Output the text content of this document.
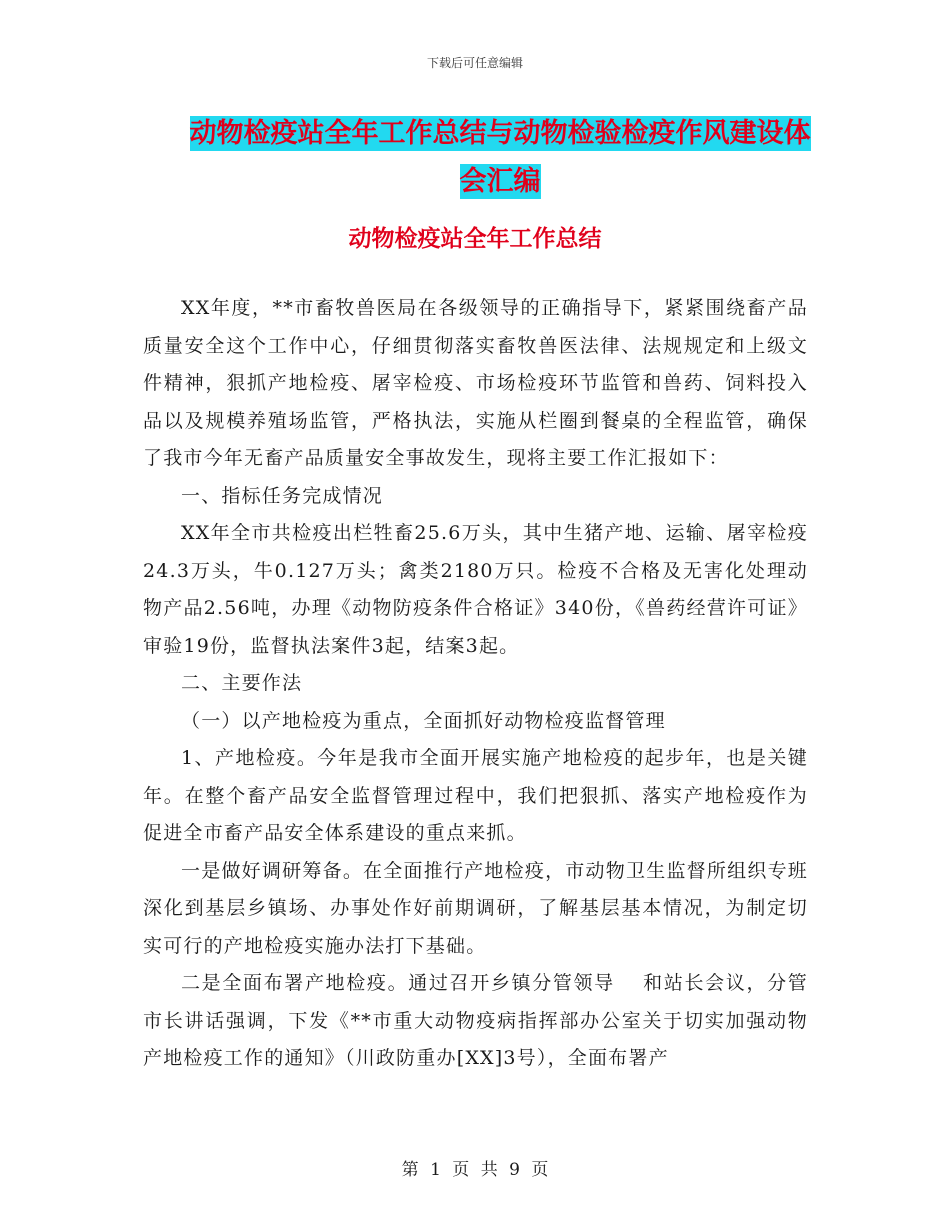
下载后可任意编辑
动物检疫站全年工作总结与动物检验检疫作风建设体
会汇编
动物检疫站全年工作总结

XX年度，**市畜牧兽医局在各级领导的正确指导下，紧紧围绕畜产品质量安全这个工作中心，仔细贯彻落实畜牧兽医法律、法规规定和上级文件精神，狠抓产地检疫、屠宰检疫、市场检疫环节监管和兽药、饲料投入品以及规模养殖场监管，严格执法，实施从栏圈到餐桌的全程监管，确保了我市今年无畜产品质量安全事故发生，现将主要工作汇报如下：

一、指标任务完成情况

XX年全市共检疫出栏牲畜25.6万头，其中生猪产地、运输、屠宰检疫24.3万头，牛0.127万头；禽类2180万只。检疫不合格及无害化处理动物产品2.56吨，办理《动物防疫条件合格证》340份，《兽药经营许可证》审验19份，监督执法案件3起，结案3起。

二、主要作法

（一）以产地检疫为重点，全面抓好动物检疫监督管理

1、产地检疫。今年是我市全面开展实施产地检疫的起步年，也是关键年。在整个畜产品安全监督管理过程中，我们把狠抓、落实产地检疫作为促进全市畜产品安全体系建设的重点来抓。

一是做好调研筹备。在全面推行产地检疫，市动物卫生监督所组织专班深化到基层乡镇场、办事处作好前期调研，了解基层基本情况，为制定切实可行的产地检疫实施办法打下基础。

二是全面布署产地检疫。通过召开乡镇分管领导　 和站长会议，分管市长讲话强调，下发《**市重大动物疫病指挥部办公室关于切实加强动物产地检疫工作的通知》（川政防重办[XX]3号），全面布署产

第 1 页 共 9 页
